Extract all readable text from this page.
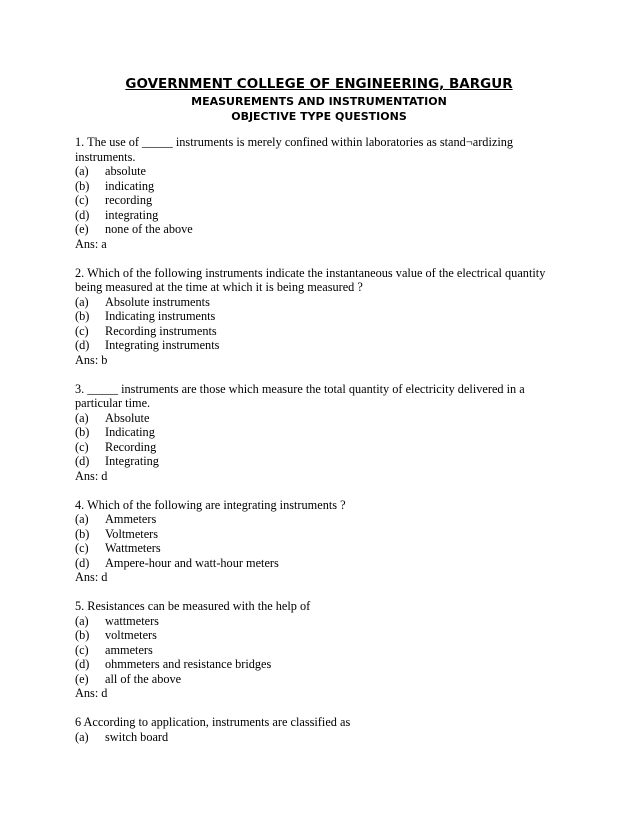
GOVERNMENT COLLEGE OF ENGINEERING, BARGUR
MEASUREMENTS AND INSTRUMENTATION
OBJECTIVE TYPE QUESTIONS
1. The use of _____ instruments is merely confined within laboratories as stand¬ardizing instruments.
(a) absolute
(b) indicating
(c) recording
(d) integrating
(e) none of the above
Ans: a
2. Which of the following instruments indicate the instantaneous value of the electrical quantity being measured at the time at which it is being measured ?
(a) Absolute instruments
(b) Indicating instruments
(c) Recording instruments
(d) Integrating instruments
Ans: b
3. _____ instruments are those which measure the total quantity of electricity delivered in a particular time.
(a) Absolute
(b) Indicating
(c) Recording
(d) Integrating
Ans: d
4. Which of the following are integrating instruments ?
(a) Ammeters
(b) Voltmeters
(c) Wattmeters
(d) Ampere-hour and watt-hour meters
Ans: d
5. Resistances can be measured with the help of
(a) wattmeters
(b) voltmeters
(c) ammeters
(d) ohmmeters and resistance bridges
(e) all of the above
Ans: d
6 According to application, instruments are classified as
(a) switch board
